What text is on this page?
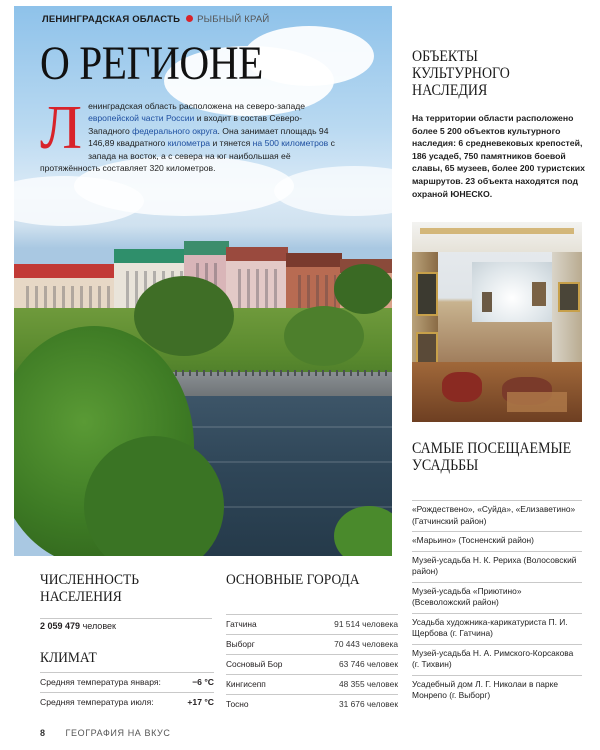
ЛЕНИНГРАДСКАЯ ОБЛАСТЬ РЫБНЫЙ КРАЙ
О РЕГИОНЕ

Ленинградская область расположена на северо-западе европейской части России и входит в состав Северо-Западного федерального округа. Она занимает площадь 94 146,89 квадратного километра и тянется на 500 километров с запада на восток, а с севера на юг наибольшая её протяжённость составляет 320 километров.

ОБЪЕКТЫ КУЛЬТУРНОГО НАСЛЕДИЯ

На территории области расположено более 5 200 объектов культурного наследия: 6 средневековых крепостей, 186 усадеб, 750 памятников боевой славы, 65 музеев, более 200 туристских маршрутов. 23 объекта находятся под охраной ЮНЕСКО.

САМЫЕ ПОСЕЩАЕМЫЕ УСАДЬБЫ
«Рождествено», «Суйда», «Елизаветино» (Гатчинский район)
«Марьино» (Тосненский район)
Музей-усадьба Н. К. Рериха (Волосовский район)
Музей-усадьба «Приютино» (Всеволожский район)
Усадьба художника-карикатуриста П. И. Щербова (г. Гатчина)
Музей-усадьба Н. А. Римского-Корсакова (г. Тихвин)
Усадебный дом Л. Г. Николаи в парке Монрепо (г. Выборг)
ЧИСЛЕННОСТЬ НАСЕЛЕНИЯ
2 059 479 человек
КЛИМАТ
Средняя температура января:	−6 °С
Средняя температура июля:	+17 °С
ОСНОВНЫЕ ГОРОДА
Гатчина	91 514 человека
Выборг	70 443 человека
Сосновый Бор	63 746 человек
Кингисепп	48 355 человек
Тосно	31 676 человек
8 ГЕОГРАФИЯ НА ВКУС
